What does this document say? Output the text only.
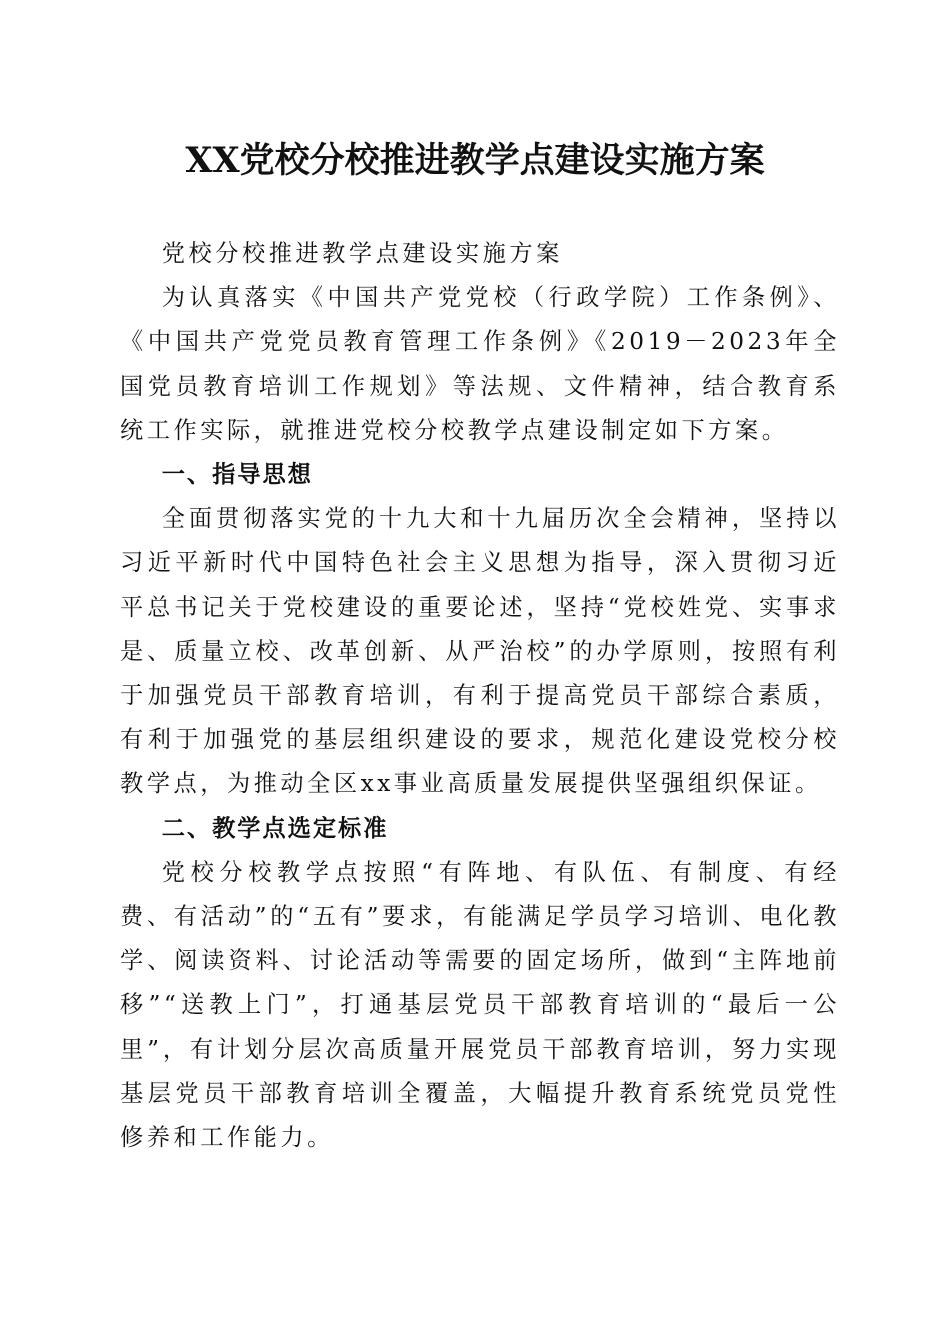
XX党校分校推进教学点建设实施方案

党校分校推进教学点建设实施方案

为认真落实《中国共产党党校（行政学院）工作条例》、《中国共产党党员教育管理工作条例》《2019－2023年全国党员教育培训工作规划》等法规、文件精神，结合教育系统工作实际，就推进党校分校教学点建设制定如下方案。

一、指导思想

全面贯彻落实党的十九大和十九届历次全会精神，坚持以习近平新时代中国特色社会主义思想为指导，深入贯彻习近平总书记关于党校建设的重要论述，坚持“党校姓党、实事求是、质量立校、改革创新、从严治校”的办学原则，按照有利于加强党员干部教育培训，有利于提高党员干部综合素质，有利于加强党的基层组织建设的要求，规范化建设党校分校教学点，为推动全区xx事业高质量发展提供坚强组织保证。

二、教学点选定标准

党校分校教学点按照“有阵地、有队伍、有制度、有经费、有活动”的“五有”要求，有能满足学员学习培训、电化教学、阅读资料、讨论活动等需要的固定场所，做到“主阵地前移”“送教上门”，打通基层党员干部教育培训的“最后一公里”，有计划分层次高质量开展党员干部教育培训，努力实现基层党员干部教育培训全覆盖，大幅提升教育系统党员党性修养和工作能力。
